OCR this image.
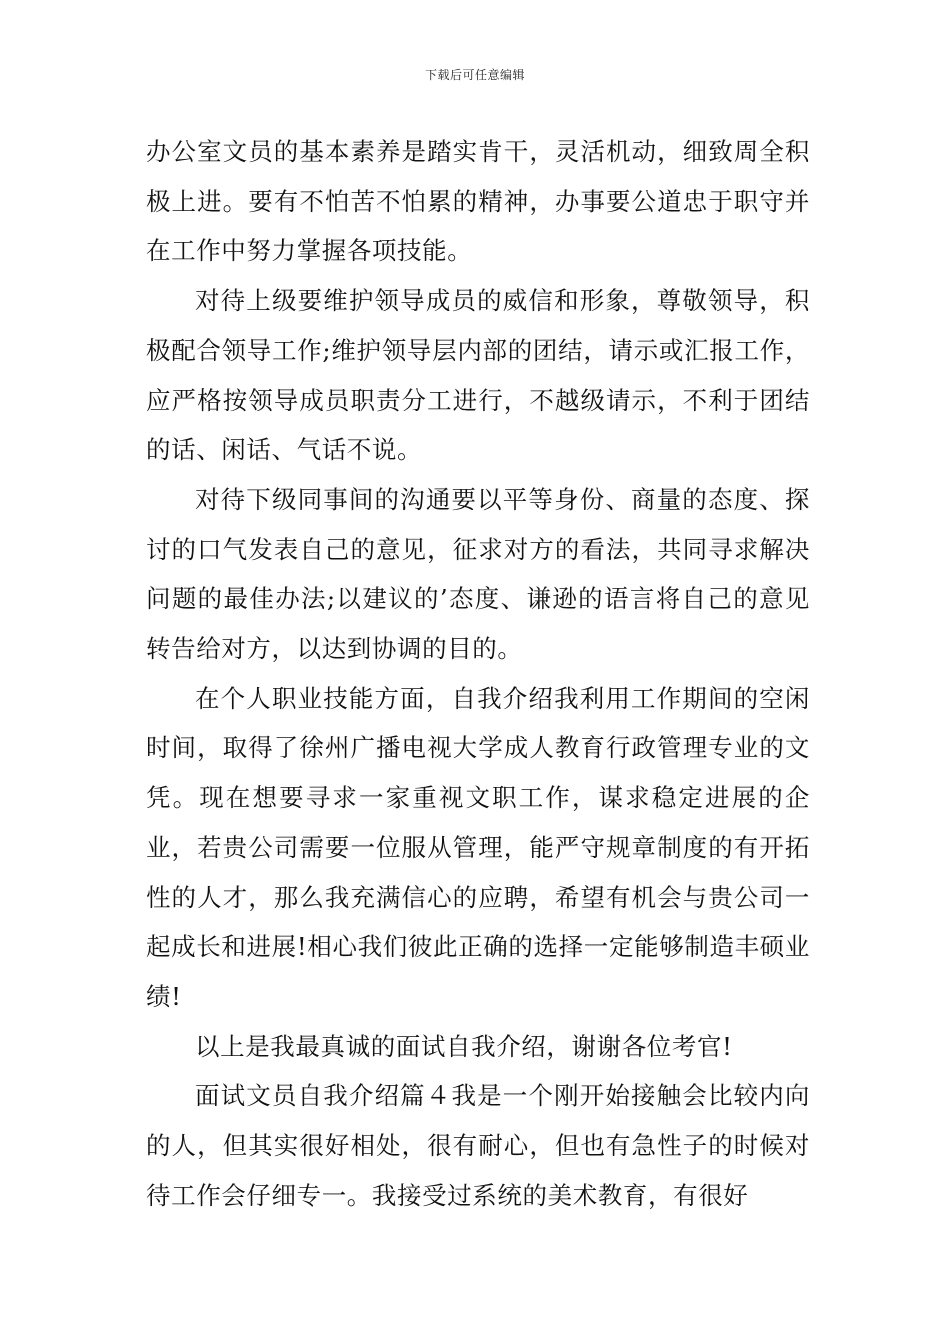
下载后可任意编辑

办公室文员的基本素养是踏实肯干，灵活机动，细致周全积极上进。要有不怕苦不怕累的精神，办事要公道忠于职守并在工作中努力掌握各项技能。

对待上级要维护领导成员的威信和形象，尊敬领导，积极配合领导工作;维护领导层内部的团结，请示或汇报工作，应严格按领导成员职责分工进行，不越级请示，不利于团结的话、闲话、气话不说。

对待下级同事间的沟通要以平等身份、商量的态度、探讨的口气发表自己的意见，征求对方的看法，共同寻求解决问题的最佳办法;以建议的’态度、谦逊的语言将自己的意见转告给对方，以达到协调的目的。

在个人职业技能方面，自我介绍我利用工作期间的空闲时间，取得了徐州广播电视大学成人教育行政管理专业的文凭。现在想要寻求一家重视文职工作，谋求稳定进展的企业，若贵公司需要一位服从管理，能严守规章制度的有开拓性的人才，那么我充满信心的应聘，希望有机会与贵公司一起成长和进展!相心我们彼此正确的选择一定能够制造丰硕业绩!

以上是我最真诚的面试自我介绍，谢谢各位考官!

面试文员自我介绍篇４我是一个刚开始接触会比较内向的人，但其实很好相处，很有耐心，但也有急性子的时候对待工作会仔细专一。我接受过系统的美术教育，有很好
